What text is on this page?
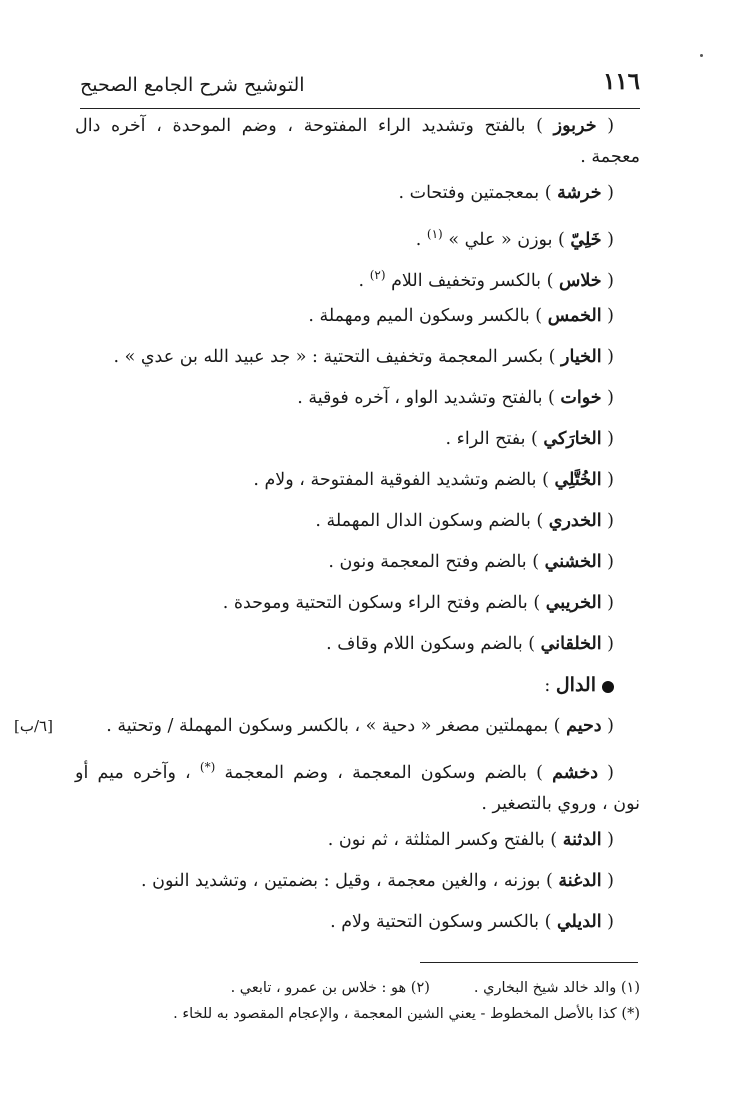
١١٦
التوشيح شرح الجامع الصحيح
( خربوز ) بالفتح وتشديد الراء المفتوحة ، وضم الموحدة ، آخره دال
معجمة .
( خرشة ) بمعجمتين وفتحات .
( خَلِيّ ) بوزن « علي » $^{(١)}$ .
( خلاس ) بالكسر وتخفيف اللام $^{(٢)}$ .
( الخمس ) بالكسر وسكون الميم ومهملة .
( الخيار ) بكسر المعجمة وتخفيف التحتية : « جد عبيد الله بن عدي » .
( خوات ) بالفتح وتشديد الواو ، آخره فوقية .
( الخارَكي ) بفتح الراء .
( الخُتَّلِي ) بالضم وتشديد الفوقية المفتوحة ، ولام .
( الخدري ) بالضم وسكون الدال المهملة .
( الخشني ) بالضم وفتح المعجمة ونون .
( الخريبي ) بالضم وفتح الراء وسكون التحتية وموحدة .
( الخلقاني ) بالضم وسكون اللام وقاف .
الدال :
[٦/ب]	( دحيم ) بمهملتين مصغر « دحية » ، بالكسر وسكون المهملة / وتحتية .
( دخشم ) بالضم وسكون المعجمة ، وضم المعجمة (*) ، وآخره ميم أو
نون ، وروي بالتصغير .
( الدثنة ) بالفتح وكسر المثلثة ، ثم نون .
( الدغنة ) بوزنه ، والغين معجمة ، وقيل : بضمتين ، وتشديد النون .
( الديلي ) بالكسر وسكون التحتية ولام .
(١) والد خالد شيخ البخاري .(٢) هو : خلاس بن عمرو ، تابعي .
(*) كذا بالأصل المخطوط - يعني الشين المعجمة ، والإعجام المقصود به للخاء .
